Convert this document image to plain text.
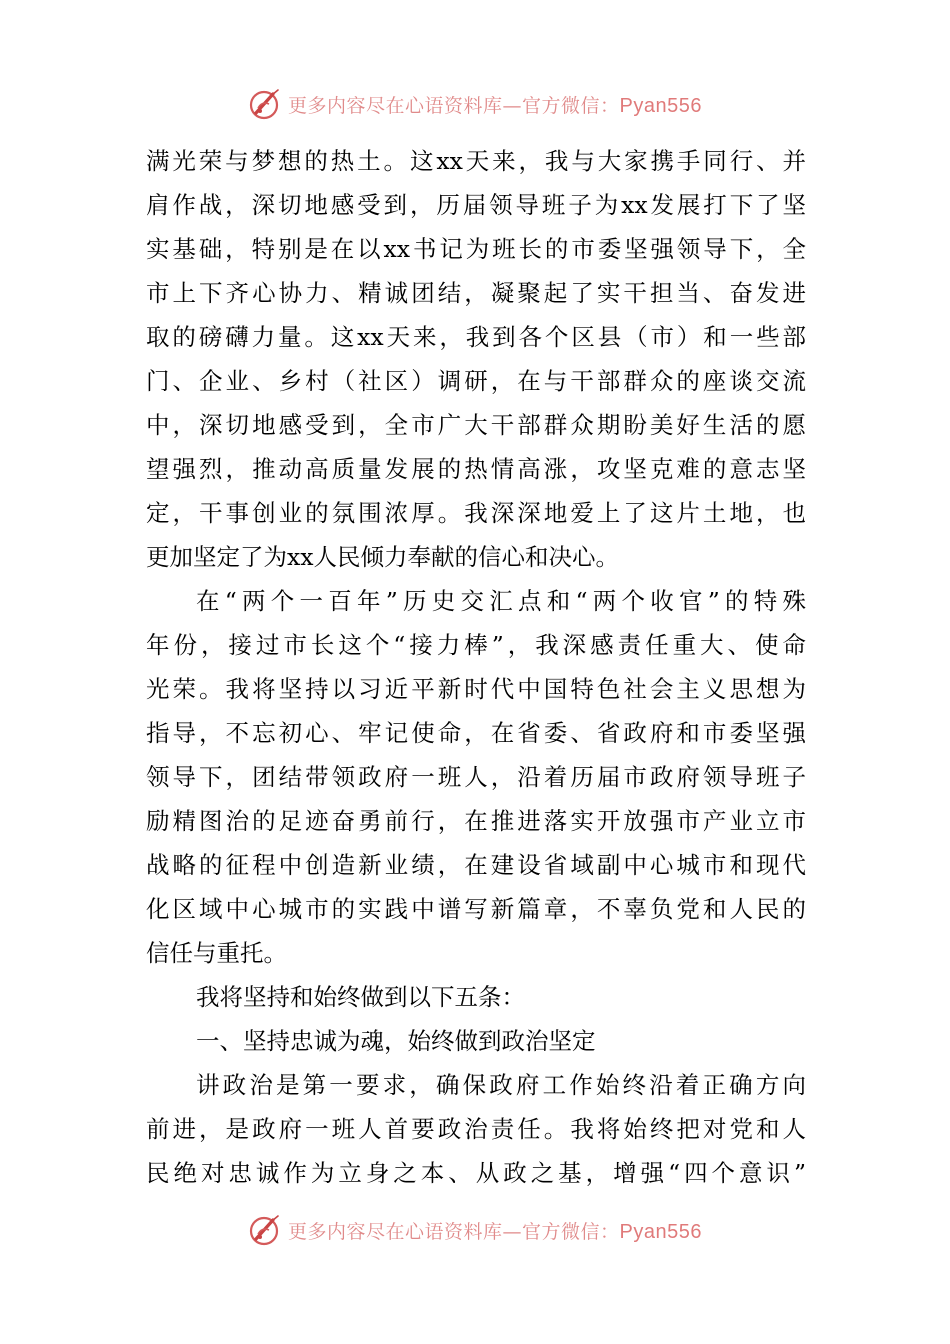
更多内容尽在心语资料库—官方微信：Pyan556
满光荣与梦想的热土。这xx天来，我与大家携手同行、并
肩作战，深切地感受到，历届领导班子为xx发展打下了坚
实基础，特别是在以xx书记为班长的市委坚强领导下，全
市上下齐心协力、精诚团结，凝聚起了实干担当、奋发进
取的磅礴力量。这xx天来，我到各个区县（市）和一些部
门、企业、乡村（社区）调研，在与干部群众的座谈交流
中，深切地感受到，全市广大干部群众期盼美好生活的愿
望强烈，推动高质量发展的热情高涨，攻坚克难的意志坚
定，干事创业的氛围浓厚。我深深地爱上了这片土地，也
更加坚定了为xx人民倾力奉献的信心和决心。
在“两个一百年”历史交汇点和“两个收官”的特殊
年份，接过市长这个“接力棒”，我深感责任重大、使命
光荣。我将坚持以习近平新时代中国特色社会主义思想为
指导，不忘初心、牢记使命，在省委、省政府和市委坚强
领导下，团结带领政府一班人，沿着历届市政府领导班子
励精图治的足迹奋勇前行，在推进落实开放强市产业立市
战略的征程中创造新业绩，在建设省域副中心城市和现代
化区域中心城市的实践中谱写新篇章，不辜负党和人民的
信任与重托。
我将坚持和始终做到以下五条：
一、坚持忠诚为魂，始终做到政治坚定
讲政治是第一要求，确保政府工作始终沿着正确方向
前进，是政府一班人首要政治责任。我将始终把对党和人
民绝对忠诚作为立身之本、从政之基，增强“四个意识”
更多内容尽在心语资料库—官方微信：Pyan556
